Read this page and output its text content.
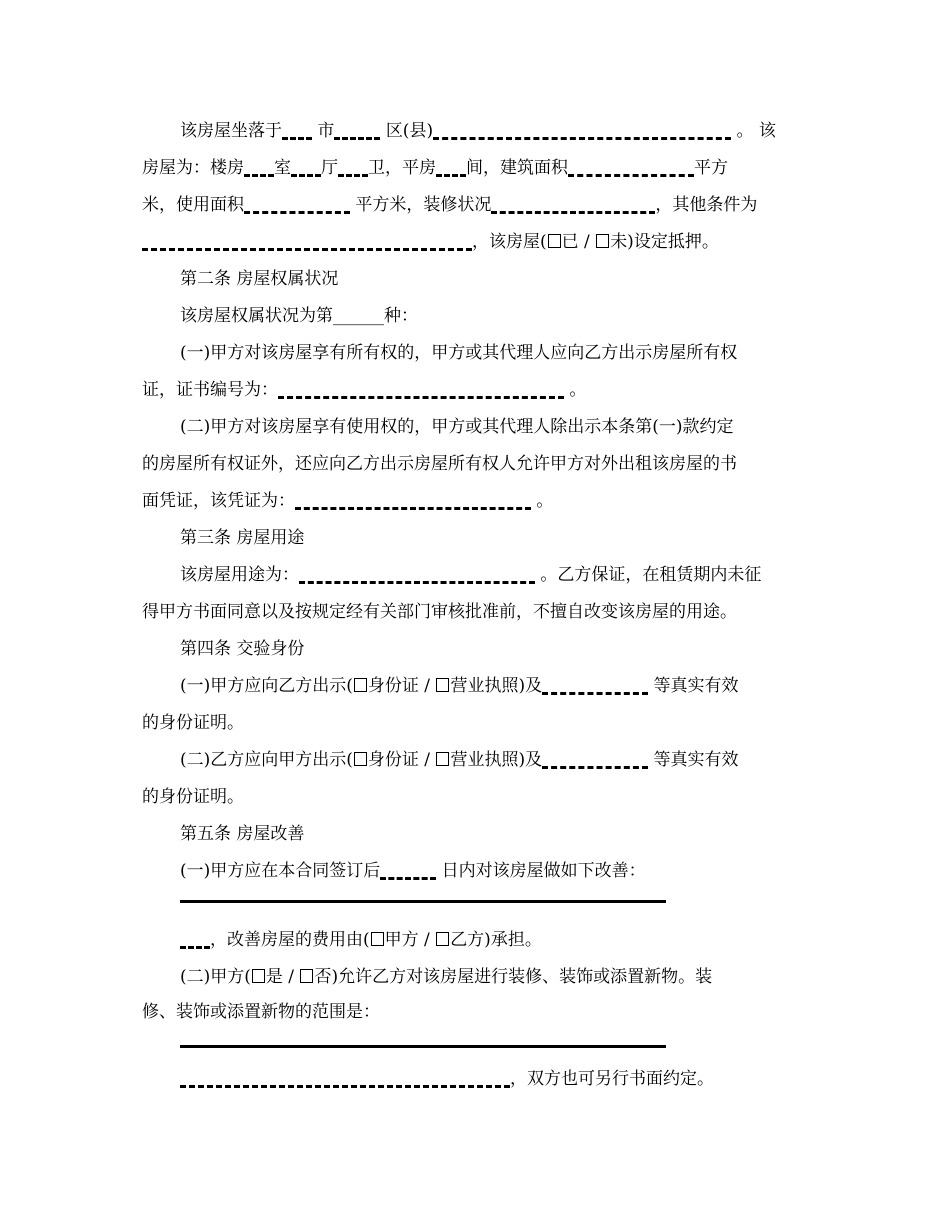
该房屋坐落于 市	区(县)	。 该
房屋为：楼房 室 厅 卫，平房 间，建筑面积	平方
米，使用面积	平方米，装修状况	，其他条件为
，该房屋( 已 / 未)设定抵押。
第二条 房屋权属状况
该房屋权属状况为第______种：
(一)甲方对该房屋享有所有权的，甲方或其代理人应向乙方出示房屋所有权
证，证书编号为：	。
(二)甲方对该房屋享有使用权的，甲方或其代理人除出示本条第(一)款约定
的房屋所有权证外，还应向乙方出示房屋所有权人允许甲方对外出租该房屋的书
面凭证，该凭证为：	。
第三条 房屋用途
该房屋用途为：	。乙方保证，在租赁期内未征
得甲方书面同意以及按规定经有关部门审核批准前，不擅自改变该房屋的用途。
第四条 交验身份
(一)甲方应向乙方出示( 身份证 / 营业执照)及	等真实有效
的身份证明。
(二)乙方应向甲方出示( 身份证 / 营业执照)及	等真实有效
的身份证明。
第五条 房屋改善
(一)甲方应在本合同签订后	日内对该房屋做如下改善：
，改善房屋的费用由( 甲方 / 乙方)承担。
(二)甲方( 是 / 否)允许乙方对该房屋进行装修、装饰或添置新物。装
修、装饰或添置新物的范围是：
，双方也可另行书面约定。
